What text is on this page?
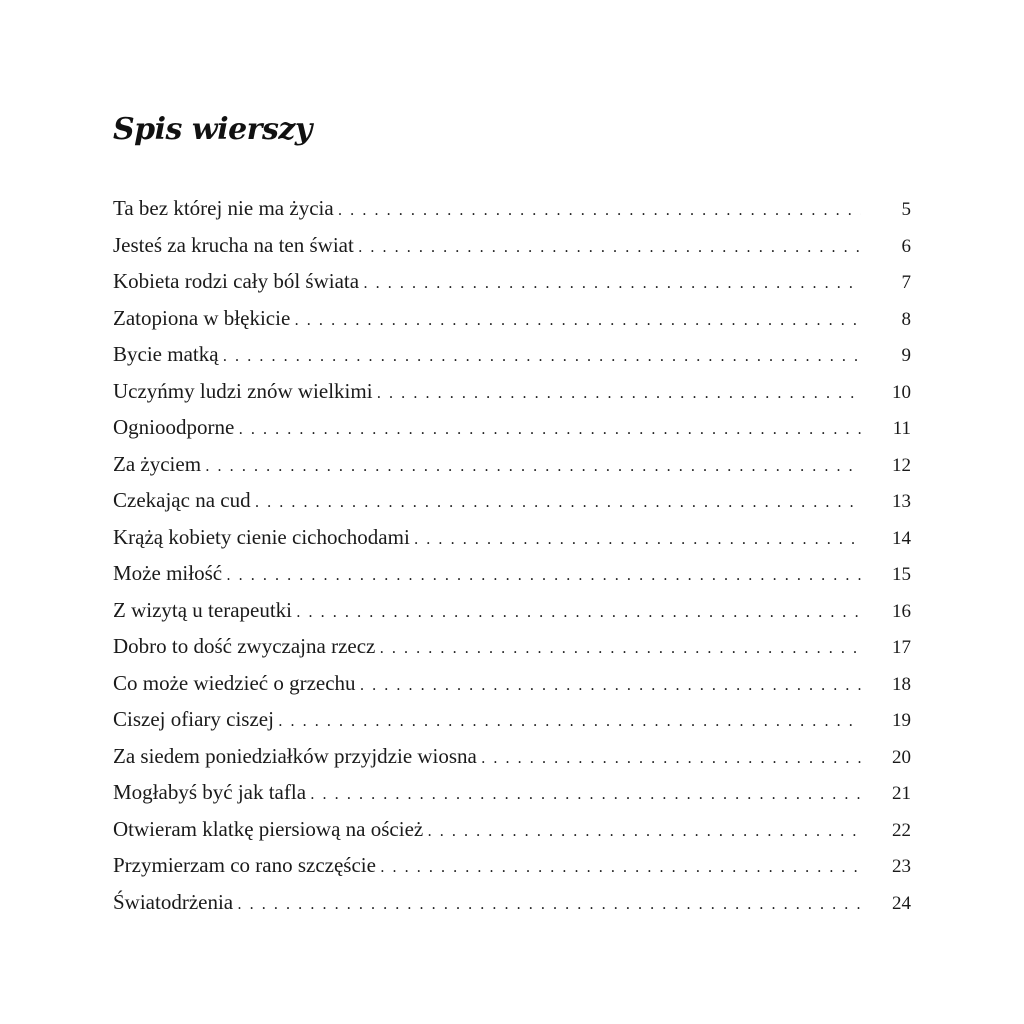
Spis wierszy
Ta bez której nie ma życia . . .	5
Jesteś za krucha na ten świat . . .	6
Kobieta rodzi cały ból świata . . .	7
Zatopiona w błękicie . . .	8
Bycie matką . . .	9
Uczyńmy ludzi znów wielkimi . . .	10
Ognioodporne . . .	11
Za życiem . . .	12
Czekając na cud . . .	13
Krążą kobiety cienie cichochodami . . .	14
Może miłość . . .	15
Z wizytą u terapeutki . . .	16
Dobro to dość zwyczajna rzecz . . .	17
Co może wiedzieć o grzechu . . .	18
Ciszej ofiary ciszej . . .	19
Za siedem poniedziałków przyjdzie wiosna . . .	20
Mogłabyś być jak tafla . . .	21
Otwieram klatkę piersiową na oścież . . .	22
Przymierzam co rano szczęście . . .	23
Światodrżenia . . .	24
